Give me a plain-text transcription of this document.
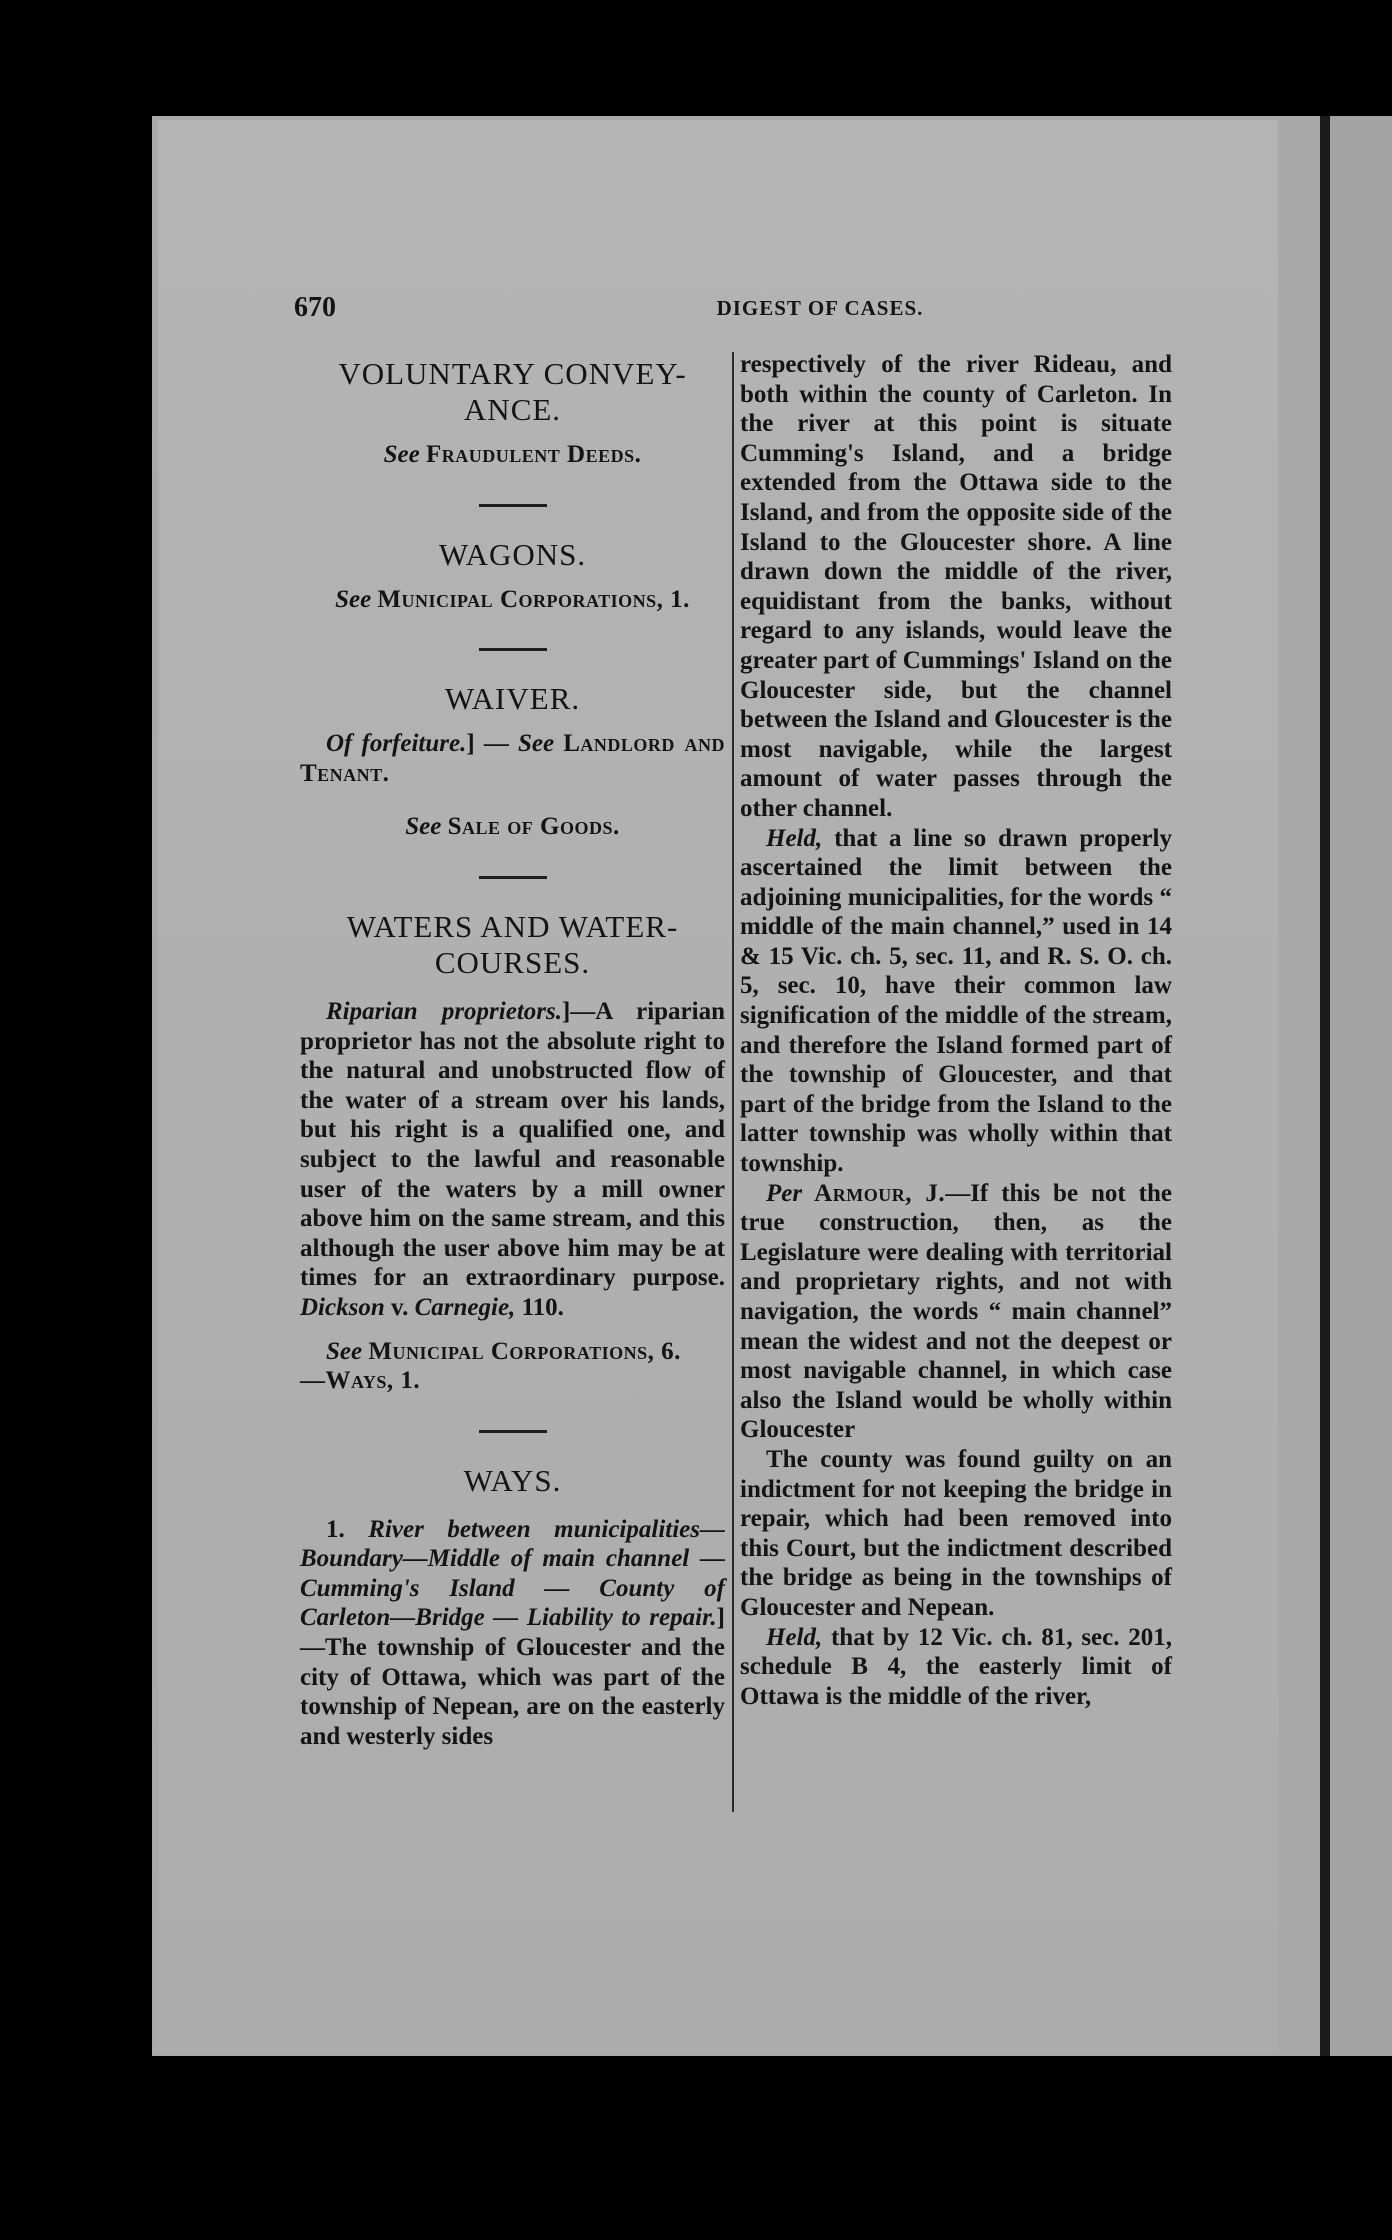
670	DIGEST OF CASES.
VOLUNTARY CONVEY-
ANCE.

See Fraudulent Deeds.

WAGONS.

See Municipal Corporations, 1.

WAIVER.

Of forfeiture.] — See Landlord and Tenant.

See Sale of Goods.

WATERS AND WATER-
COURSES.

Riparian proprietors.]—A riparian proprietor has not the absolute right to the natural and unobstructed flow of the water of a stream over his lands, but his right is a qualified one, and subject to the lawful and reasonable user of the waters by a mill owner above him on the same stream, and this although the user above him may be at times for an extraordinary purpose. Dickson v. Carnegie, 110.

See Municipal Corporations, 6.
—Ways, 1.

WAYS.

1. River between municipalities—Boundary—Middle of main channel — Cumming's Island — County of Carleton—Bridge — Liability to repair.]—The township of Gloucester and the city of Ottawa, which was part of the township of Nepean, are on the easterly and westerly sides

respectively of the river Rideau, and both within the county of Carleton. In the river at this point is situate Cumming's Island, and a bridge extended from the Ottawa side to the Island, and from the opposite side of the Island to the Gloucester shore. A line drawn down the middle of the river, equidistant from the banks, without regard to any islands, would leave the greater part of Cummings' Island on the Gloucester side, but the channel between the Island and Gloucester is the most navigable, while the largest amount of water passes through the other channel.

Held, that a line so drawn properly ascertained the limit between the adjoining municipalities, for the words “ middle of the main channel,” used in 14 & 15 Vic. ch. 5, sec. 11, and R. S. O. ch. 5, sec. 10, have their common law signification of the middle of the stream, and therefore the Island formed part of the township of Gloucester, and that part of the bridge from the Island to the latter township was wholly within that township.

Per Armour, J.—If this be not the true construction, then, as the Legislature were dealing with territorial and proprietary rights, and not with navigation, the words “ main channel” mean the widest and not the deepest or most navigable channel, in which case also the Island would be wholly within Gloucester

The county was found guilty on an indictment for not keeping the bridge in repair, which had been removed into this Court, but the indictment described the bridge as being in the townships of Gloucester and Nepean.

Held, that by 12 Vic. ch. 81, sec. 201, schedule B 4, the easterly limit of Ottawa is the middle of the river,
